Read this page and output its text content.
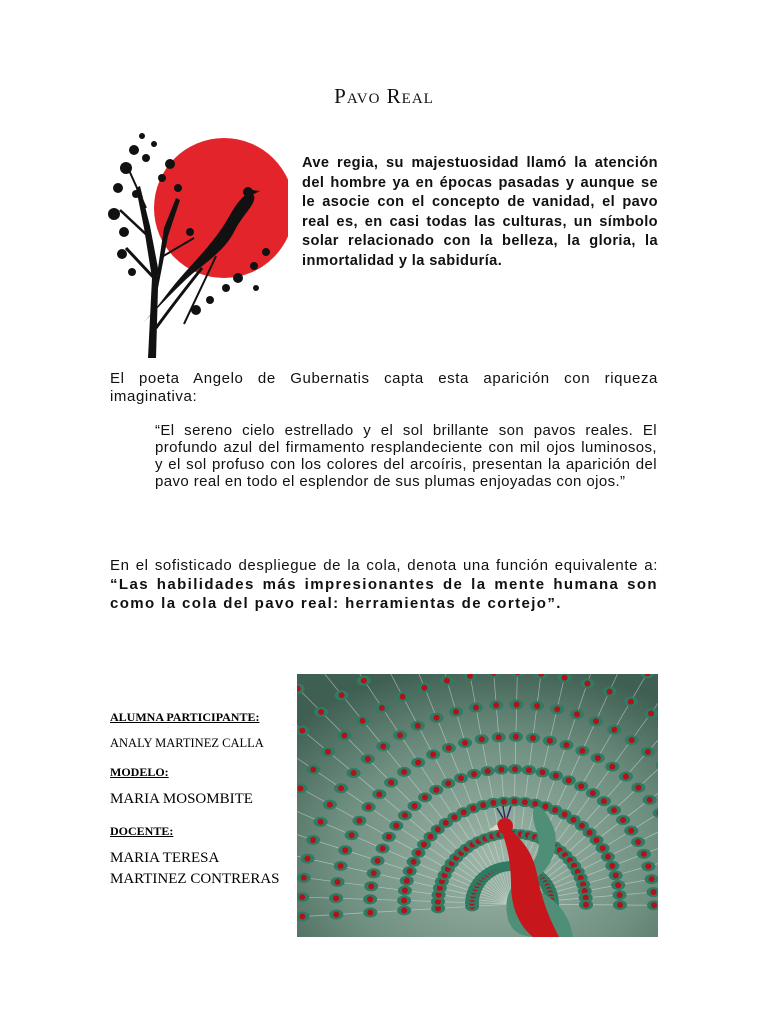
Pavo Real
Ave regia, su majestuosidad llamó la atención del hombre ya en épocas pasadas y aunque se le asocie con el concepto de vanidad, el pavo real es, en casi todas las culturas, un símbolo solar relacionado con la belleza, la gloria, la inmortalidad y la sabiduría.
El poeta Angelo de Gubernatis capta esta aparición con riqueza imaginativa:
“El sereno cielo estrellado y el sol brillante son pavos reales. El profundo azul del firmamento resplandeciente con mil ojos luminosos, y el sol profuso con los colores del arcoíris, presentan la aparición del pavo real en todo el esplendor de sus plumas enjoyadas con ojos.”
En el sofisticado despliegue de la cola, denota una función equivalente a: “Las habilidades más impresionantes de la mente humana son como la cola del pavo real: herramientas de cortejo”.
ALUMNA PARTICIPANTE:
ANALY MARTINEZ CALLA
MODELO:
MARIA MOSOMBITE
DOCENTE:
MARIA TERESA
MARTINEZ CONTRERAS
